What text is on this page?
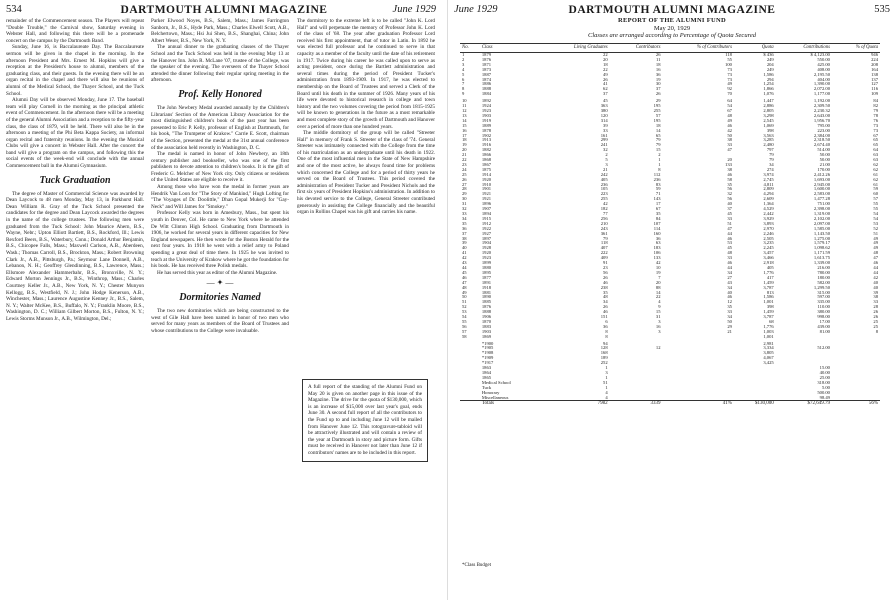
534	DARTMOUTH ALUMNI MAGAZINE	June 1929

remainder of the Commencement season. The Players will repeat "Double Trouble," the Carnival show, Saturday evening in Webster Hall, and following this there will be a promenade concert on the campus by the Dartmouth Band.

Sunday, June 16, is Baccalaureate Day. The Baccalaureate sermon will be given in the chapel in the morning. In the afternoon President and Mrs. Ernest M. Hopkins will give a reception at the President's house to alumni, members of the graduating class, and their guests. In the evening there will be an organ recital in the chapel and there will also be reunions of alumni of the Medical School, the Thayer School, and the Tuck School.

Alumni Day will be observed Monday, June 17. The baseball team will play Cornell in the morning as the principal athletic event of Commencement. In the afternoon there will be a meeting of the general Alumni Association and a reception to the fifty-year class, the class of 1879, will be held. There will also be in the afternoon a meeting of the Phi Beta Kappa Society, an informal organ recital and fraternity reunions. In the evening the Musical Clubs will give a concert in Webster Hall. After the concert the band will give a program on the campus, and following this the social events of the week-end will conclude with the annual Commencement ball in the Alumni Gymnasium.

Tuck Graduation

The degree of Master of Commercial Science was awarded by Dean Laycock to 48 men Monday, May 13, in Parkhurst Hall. Dean William R. Gray of the Tuck School presented the candidates for the degree and Dean Laycock awarded the degrees in the name of the college trustees. The following men were graduated from the Tuck School: John Maurice Ahern, B.S., Wayne, Nebr.; Upton Elliott Bartlett, B.S., Rockford, Ill.; Lewis Rexford Beers, B.S., Waterbury, Conn.; Donald Arthur Benjamin, B.S., Chicopee Falls, Mass.; Maxwell Carlson, A.B., Aberdeen, Wash.; Thomas Carroll, B.S., Brockton, Mass.; Robert Browning Clark Jr., A.B., Pittsburgh, Pa.; Seymour Lane Donnell, A.B., Lebanon, N. H.; Geoffrey Glendinning, B.S., Lawrence, Mass.; Ellsmore Alexander Hammerbahr, B.S., Bronxville, N. Y.; Edward Morton Jennings Jr., B.S., Winthrop, Mass.; Charles Courtney Keller Jr., A.B., New York, N. Y.; Chester Munyon Kellogg, B.S., Westfield, N. J.; John Hodge Kenerson, A.B., Winchester, Mass.; Laurence Augustine Kenney Jr., B.S., Salem, N. Y.; Walter McKee, B.S., Buffalo, N. Y.; Franklin Moore, B.S., Washington, D. C.; William Gilbert Morton, B.S., Fulton, N. Y.; Lewis Storms Munson Jr., A.B., Wilmington, Del.;

Parker Elwood Noyes, B.S., Salem, Mass.; James Farrington Sanborn, Jr., B.S., Hyde Park, Mass.; Charles Elwell Scott, A.B., Belchertown, Mass.; Hsi Jui Shen, B.S., Shanghai, China; John Albert Weser, B.S., New York, N. Y.

The annual dinner to the graduating classes of the Thayer School and the Tuck School was held in the evening May 13 at the Hanover Inn. John R. McLane '07, trustee of the College, was the speaker of the evening. The overseers of the Thayer School attended the dinner following their regular spring meeting in the afternoon.

Prof. Kelly Honored

The John Newbery Medal awarded annually by the Children's Librarians' Section of the American Library Association for the most distinguished children's book of the past year has been presented to Eric P. Kelly, professor of English at Dartmouth, for his book, "The Trumpeter of Krakow." Carrie E. Scott, chairman of the Section, presented the medal at the 31st annual conference of the association held recently in Washington, D. C.

The medal is named in honor of John Newbery, an 18th century publisher and bookseller, who was one of the first publishers to devote attention to children's books. It is the gift of Frederic G. Melcher of New York city. Only citizens or residents of the United States are eligible to receive it.

Among those who have won the medal in former years are Hendrik Van Loon for "The Story of Mankind," Hugh Lofting for "The Voyages of Dr. Doolittle," Dhan Gopal Mukerji for "Gay-Neck" and Will James for "Smokey."

Professor Kelly was born in Amesbury, Mass., but spent his youth in Denver, Col. He came to New York where he attended De Witt Clinton High School. Graduating from Dartmouth in 1906, he worked for several years in different capacities for New England newspapers. He then wrote for the Boston Herald for the next four years. In 1918 he went with a relief army to Poland spending a great deal of time there. In 1925 he was invited to teach at the University of Krakow where he got the foundation for his book. He has received three Polish medals.

He has served this year as editor of the Alumni Magazine.

— ✦ —
Dormitories Named

The two new dormitories which are being constructed to the west of Gile Hall have been named in honor of two men who served for many years as members of the Board of Trustees and whose contributions to the College were invaluable.

The dormitory to the extreme left is to be called "John K. Lord Hall" and will perpetuate the memory of Professor John K. Lord of the class of '68. The year after graduation Professor Lord received his first appointment, that of tutor in Latin. In 1892 he was elected full professor and he continued to serve in that capacity as a member of the faculty until the date of his retirement in 1917. Twice during his career he was called upon to serve as acting president, once during the Bartlett administration and several times during the period of President Tucker's administration from 1893-1909. In 1917, he was elected to membership on the Board of Trustees and served a Clerk of the Board until his death in the summer of 1926. Many years of his life were devoted to historical research in college and town history and the two volumes covering the period from 1815-1925 will be known to generations in the future as a most remarkable and most complete story of the growth of Dartmouth and Hanover over a period of more than one hundred years.

The middle dormitory of the group will be called "Streeter Hall" in memory of Frank S. Streeter of the class of '74. General Streeter was intimately connected with the College from the time of his matriculation as an undergraduate until his death in 1922. One of the most influential men in the State of New Hampshire and one of the most active, he always found time for problems which concerned the College and for a period of thirty years he served on the Board of Trustees. This period covered the administration of President Tucker and President Nichols and the first six years of President Hopkins's administration. In addition to his devoted service to the College, General Streeter contributed generously in assisting the College financially and the beautiful organ in Rollins Chapel was his gift and carries his name.

A full report of the standing of the Alumni Fund on May 20 is given on another page in this issue of the Magazine. The drive for the quota of $130,000, which is an increase of $15,000 over last year's goal, ends June 30. A second full report of all the contributors to the Fund up to and including June 12 will be mailed from Hanover June 12. This rotogravure-tabloid will be attractively illustrated and will contain a review of the year at Dartmouth in story and picture form. Gifts must be received in Hanover not later than June 12 if contributors' names are to be included in this report.
June 1929	DARTMOUTH ALUMNI MAGAZINE	535
REPORT OF THE ALUMNI FUND
May 20, 1929
Classes are arranged according to Percentage of Quota Secured
No.	Class	Living Graduates	Contributors	% of Contributors	Quota	Contributions	% of Quota
1	1879	22	26	118	$ 436	$ 4,123.00	946
2	1876	20	11	55	249	550.00	224
3	1871	18	18	100	204	425.00	208
4	1873	22	16	73	249	408.00	164
5	1887	49	36	73	1,586	2,195.50	138
6	1874	26	19	73	294	404.00	137
7	1886	41	30	49	1,254	1,390.00	127
8	1888	62	37	92	1,866	2,072.00	116
9	1884	37	26	70	1,076	1,177.00	109
10	1892	45	29	64	1,447	1,192.00	84
11	1924	363	195	54	2,886	2,309.50	82
12	1923	380	255	67	2,805	2,230.32	79
13	1903	120	57	48	3,298	2,643.00	78
14	1919	314	195	49	2,545	1,956.70	76
15	1889	39	18	46	1,069	795.00	73
16	1878	33	14	42	398	223.00	73
17	1902	161	65	50	3,563	2,384.00	67
18	1913	299	79	38	3,285	2,318.50	65
19	1916	241	79	33	2,480	2,674.40	65
20	1882	32	15	47	797	514.00	64
21	1866	2	2		79	50.00	63
22	1868	5	1	20	79	50.00	63
23	1867	3	1	133	34	21.00	62
24	1875	21	8	38	274	170.00	62
25	1914	242	112	46	3,974	2,412.26	61
26	1920	405	236	58	2,745	1,693.00	62
27	1910	236	83	35	4,811	2,945.00	61
28	1901	105	59	56	2,809	1,600.00	59
29	1921	223	71	32	4,294	2,583.00	60
30	1921	255	143	56	2,609	1,477.28	57
31	1896	42	17	40	1,364	751.00	55
32	1907	182	67	37	4,529	2,398.00	55
33	1894	77	35	45	2,442	1,319.00	54
34	1915	256	84	33	3,929	2,102.00	54
35	1912	210	107	51	3,893	2,097.00	53
36	1922	243	114	47	2,970	1,585.00	52
37	1927	361	160	44	2,246	1,143.50	51
38	1897	79	36	46	2,505	1,275.00	49
39	1904	118	63	53	3,235	1,579.17	49
40	1928	407	183	45	2,245	1,098.62	49
41	1920	222	106	48	3,457	1,171.59	48
42	1923	409	133	33	3,466	1,613.75	47
43	1899	91	42	46	2,918	1,339.00	46
44	1880	23	10	44	405	216.00	44
45	1895	56	19	34	1,776	780.00	44
46	1877	26	7	27	417	180.00	42
47	1891	46	20	43	1,459	582.00	40
48	1918	238	88	34	3,787	1,299.50	40
49	1881	35	14	40	813	315.00	39
50	1890	48	22	46	1,586	597.00	38
51	1885	34	4	12	1,001	335.00	33
52	1876	26	9	35	398	110.00	28
53	1888	46	15	33	1,459	380.00	26
54	1906	151	31	34	3,787	998.00	26
55	1870	6	3	50	68	17.00	25
56	1883	36	16	29	1,776	439.00	25
57	1903	8	3	21	1,003	81.00	8
58	1869	8			1,001		
	*1900	94			2,981		
	*1905	128	12		3,334	512.00	
	*1908	168			3,805		
	*1909	189			4,067		
	*1917	252			3,425		
	1863	1				15.00	
	1864	3				40.00	
	1865	1				25.00	
	Medical School	51				318.00	
	Tuck	1				5.00	
	Honorary	4				500.00	
	Miscellaneous	4				98.49	
	Totals	7982	3339	41%	$130,000	$72,649.79	56%
*Class Budget
